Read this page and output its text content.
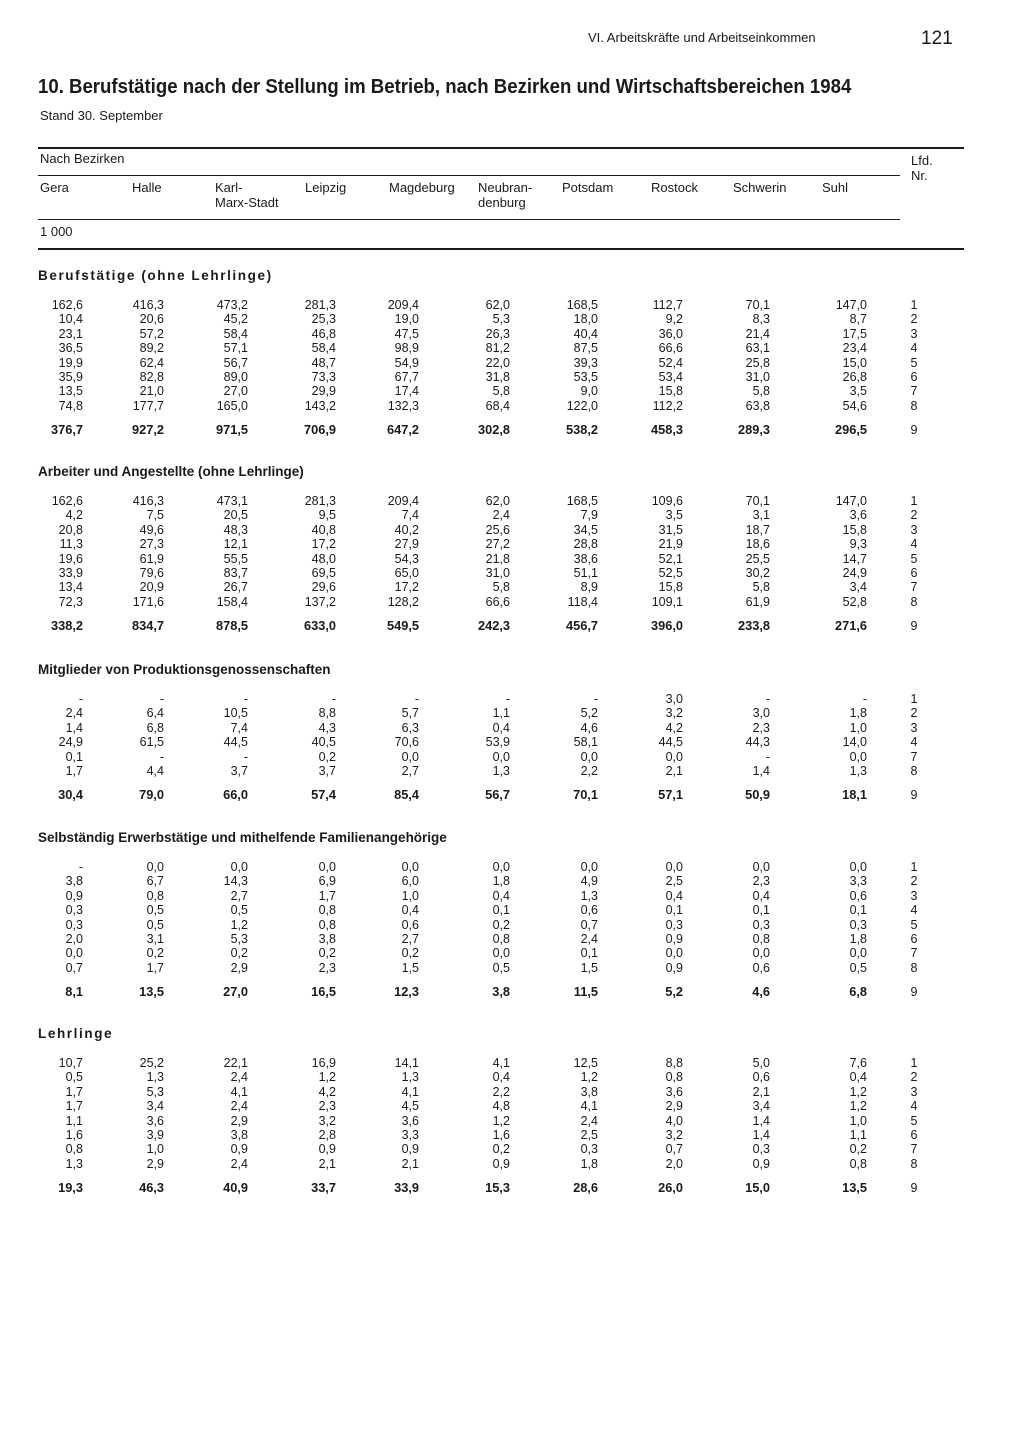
VI. Arbeitskräfte und Arbeitseinkommen	121
10. Berufstätige nach der Stellung im Betrieb, nach Bezirken und Wirtschaftsbereichen 1984
Stand 30. September
Nach Bezirken	Lfd.
Nr.
Gera	Halle	Karl-
Marx-Stadt
Leipzig	Magdeburg Neubran-
denburg
Potsdam	Rostock	Schwerin	Suhl
1 000
Berufstätige (ohne Lehrlinge)
162,6	416,3	473,2	281,3	209,4	62,0	168,5	112,7	70,1	147,0	1
10,4	20,6	45,2	25,3	19,0	5,3	18,0	9,2	8,3	8,7	2
23,1	57,2	58,4	46,8	47,5	26,3	40,4	36,0	21,4	17,5	3
36,5	89,2	57,1	58,4	98,9	81,2	87,5	66,6	63,1	23,4	4
19,9	62,4	56,7	48,7	54,9	22,0	39,3	52,4	25,8	15,0	5
35,9	82,8	89,0	73,3	67,7	31,8	53,5	53,4	31,0	26,8	6
13,5	21,0	27,0	29,9	17,4	5,8	9,0	15,8	5,8	3,5	7
74,8	177,7	165,0	143,2	132,3	68,4	122,0	112,2	63,8	54,6	8
376,7	927,2	971,5	706,9	647,2	302,8	538,2	458,3	289,3	296,5	9
Arbeiter und Angestellte (ohne Lehrlinge)
162,6	416,3	473,1	281,3	209,4	62,0	168,5	109,6	70,1	147,0	1
4,2	7,5	20,5	9,5	7,4	2,4	7,9	3,5	3,1	3,6	2
20,8	49,6	48,3	40,8	40,2	25,6	34,5	31,5	18,7	15,8	3
11,3	27,3	12,1	17,2	27,9	27,2	28,8	21,9	18,6	9,3	4
19,6	61,9	55,5	48,0	54,3	21,8	38,6	52,1	25,5	14,7	5
33,9	79,6	83,7	69,5	65,0	31,0	51,1	52,5	30,2	24,9	6
13,4	20,9	26,7	29,6	17,2	5,8	8,9	15,8	5,8	3,4	7
72,3	171,6	158,4	137,2	128,2	66,6	118,4	109,1	61,9	52,8	8
338,2	834,7	878,5	633,0	549,5	242,3	456,7	396,0	233,8	271,6	9
Mitglieder von Produktionsgenossenschaften
-	-	-	-	-	-	-	3,0	-	-	1
2,4	6,4	10,5	8,8	5,7	1,1	5,2	3,2	3,0	1,8	2
1,4	6,8	7,4	4,3	6,3	0,4	4,6	4,2	2,3	1,0	3
24,9	61,5	44,5	40,5	70,6	53,9	58,1	44,5	44,3	14,0	4
0,1	-	-	0,2	0,0	0,0	0,0	0,0	-	0,0	7
1,7	4,4	3,7	3,7	2,7	1,3	2,2	2,1	1,4	1,3	8
30,4	79,0	66,0	57,4	85,4	56,7	70,1	57,1	50,9	18,1	9
Selbständig Erwerbstätige und mithelfende Familienangehörige
-	0,0	0,0	0,0	0,0	0,0	0,0	0,0	0,0	0,0	1
3,8	6,7	14,3	6,9	6,0	1,8	4,9	2,5	2,3	3,3	2
0,9	0,8	2,7	1,7	1,0	0,4	1,3	0,4	0,4	0,6	3
0,3	0,5	0,5	0,8	0,4	0,1	0,6	0,1	0,1	0,1	4
0,3	0,5	1,2	0,8	0,6	0,2	0,7	0,3	0,3	0,3	5
2,0	3,1	5,3	3,8	2,7	0,8	2,4	0,9	0,8	1,8	6
0,0	0,2	0,2	0,2	0,2	0,0	0,1	0,0	0,0	0,0	7
0,7	1,7	2,9	2,3	1,5	0,5	1,5	0,9	0,6	0,5	8
8,1	13,5	27,0	16,5	12,3	3,8	11,5	5,2	4,6	6,8	9
Lehrlinge
10,7	25,2	22,1	16,9	14,1	4,1	12,5	8,8	5,0	7,6	1
0,5	1,3	2,4	1,2	1,3	0,4	1,2	0,8	0,6	0,4	2
1,7	5,3	4,1	4,2	4,1	2,2	3,8	3,6	2,1	1,2	3
1,7	3,4	2,4	2,3	4,5	4,8	4,1	2,9	3,4	1,2	4
1,1	3,6	2,9	3,2	3,6	1,2	2,4	4,0	1,4	1,0	5
1,6	3,9	3,8	2,8	3,3	1,6	2,5	3,2	1,4	1,1	6
0,8	1,0	0,9	0,9	0,9	0,2	0,3	0,7	0,3	0,2	7
1,3	2,9	2,4	2,1	2,1	0,9	1,8	2,0	0,9	0,8	8
19,3	46,3	40,9	33,7	33,9	15,3	28,6	26,0	15,0	13,5	9
